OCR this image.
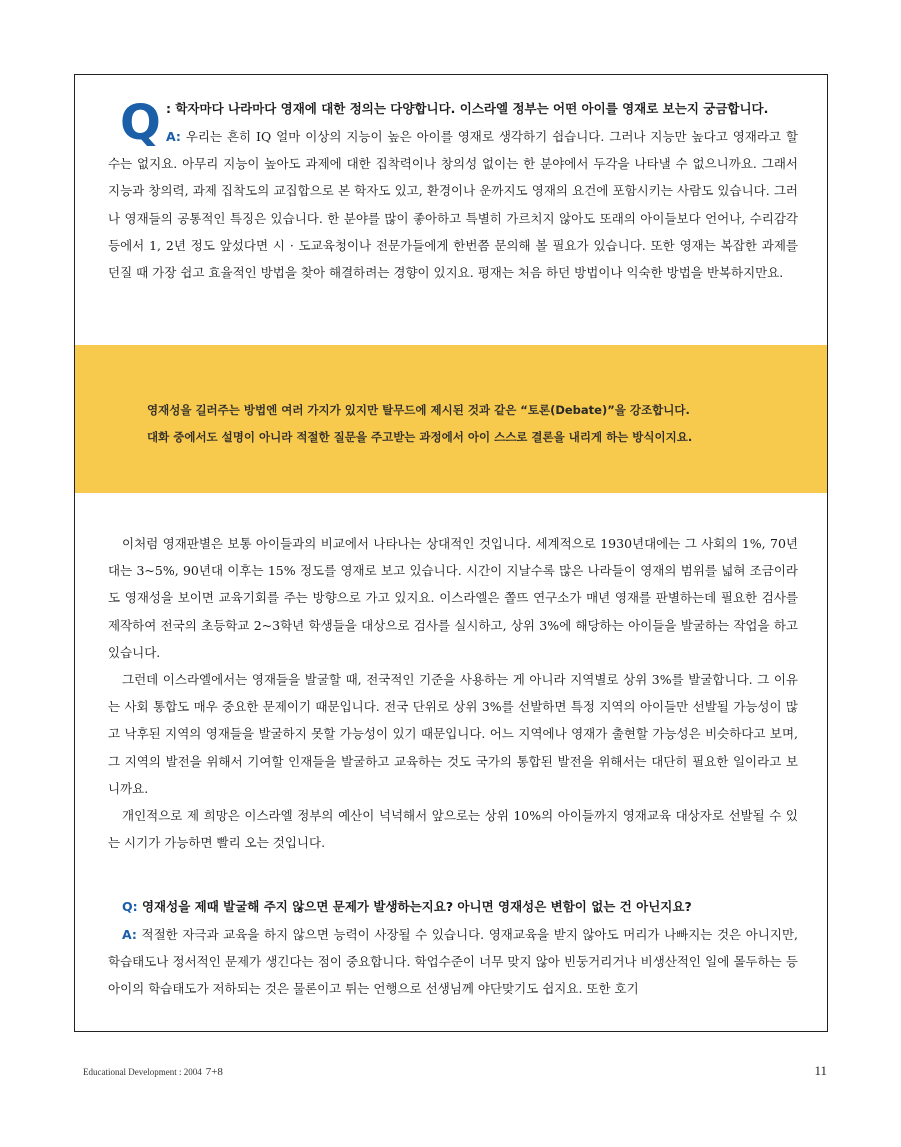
Q : 학자마다 나라마다 영재에 대한 정의는 다양합니다. 이스라엘 정부는 어떤 아이를 영재로 보는지 궁금합니다.
A: 우리는 흔히 IQ 얼마 이상의 지능이 높은 아이를 영재로 생각하기 쉽습니다. 그러나 지능만 높다고 영재라고 할 수는 없지요. 아무리 지능이 높아도 과제에 대한 집착력이나 창의성 없이는 한 분야에서 두각을 나타낼 수 없으니까요. 그래서 지능과 창의력, 과제 집착도의 교집합으로 본 학자도 있고, 환경이나 운까지도 영재의 요건에 포함시키는 사람도 있습니다. 그러나 영재들의 공통적인 특징은 있습니다. 한 분야를 많이 좋아하고 특별히 가르치지 않아도 또래의 아이들보다 언어나, 수리감각 등에서 1, 2년 정도 앞섰다면 시 · 도교육청이나 전문가들에게 한번쯤 문의해 볼 필요가 있습니다. 또한 영재는 복잡한 과제를 던질 때 가장 쉽고 효율적인 방법을 찾아 해결하려는 경향이 있지요. 평재는 처음 하던 방법이나 익숙한 방법을 반복하지만요.
영재성을 길러주는 방법엔 여러 가지가 있지만 탈무드에 제시된 것과 같은 “토론(Debate)”을 강조합니다.
대화 중에서도 설명이 아니라 적절한 질문을 주고받는 과정에서 아이 스스로 결론을 내리게 하는 방식이지요.

이처럼 영재판별은 보통 아이들과의 비교에서 나타나는 상대적인 것입니다. 세계적으로 1930년대에는 그 사회의 1%, 70년대는 3~5%, 90년대 이후는 15% 정도를 영재로 보고 있습니다. 시간이 지날수록 많은 나라들이 영재의 범위를 넓혀 조금이라도 영재성을 보이면 교육기회를 주는 방향으로 가고 있지요. 이스라엘은 쫄뜨 연구소가 매년 영재를 판별하는데 필요한 검사를 제작하여 전국의 초등학교 2~3학년 학생들을 대상으로 검사를 실시하고, 상위 3%에 해당하는 아이들을 발굴하는 작업을 하고 있습니다.

그런데 이스라엘에서는 영재들을 발굴할 때, 전국적인 기준을 사용하는 게 아니라 지역별로 상위 3%를 발굴합니다. 그 이유는 사회 통합도 매우 중요한 문제이기 때문입니다. 전국 단위로 상위 3%를 선발하면 특정 지역의 아이들만 선발될 가능성이 많고 낙후된 지역의 영재들을 발굴하지 못할 가능성이 있기 때문입니다. 어느 지역에나 영재가 출현할 가능성은 비슷하다고 보며, 그 지역의 발전을 위해서 기여할 인재들을 발굴하고 교육하는 것도 국가의 통합된 발전을 위해서는 대단히 필요한 일이라고 보니까요.

개인적으로 제 희망은 이스라엘 정부의 예산이 넉넉해서 앞으로는 상위 10%의 아이들까지 영재교육 대상자로 선발될 수 있는 시기가 가능하면 빨리 오는 것입니다.

Q: 영재성을 제때 발굴해 주지 않으면 문제가 발생하는지요? 아니면 영재성은 변함이 없는 건 아닌지요?

A: 적절한 자극과 교육을 하지 않으면 능력이 사장될 수 있습니다. 영재교육을 받지 않아도 머리가 나빠지는 것은 아니지만, 학습태도나 정서적인 문제가 생긴다는 점이 중요합니다. 학업수준이 너무 맞지 않아 빈둥거리거나 비생산적인 일에 몰두하는 등 아이의 학습태도가 저하되는 것은 물론이고 튀는 언행으로 선생님께 야단맞기도 쉽지요. 또한 호기

Educational Development : 2004 7+8	11
